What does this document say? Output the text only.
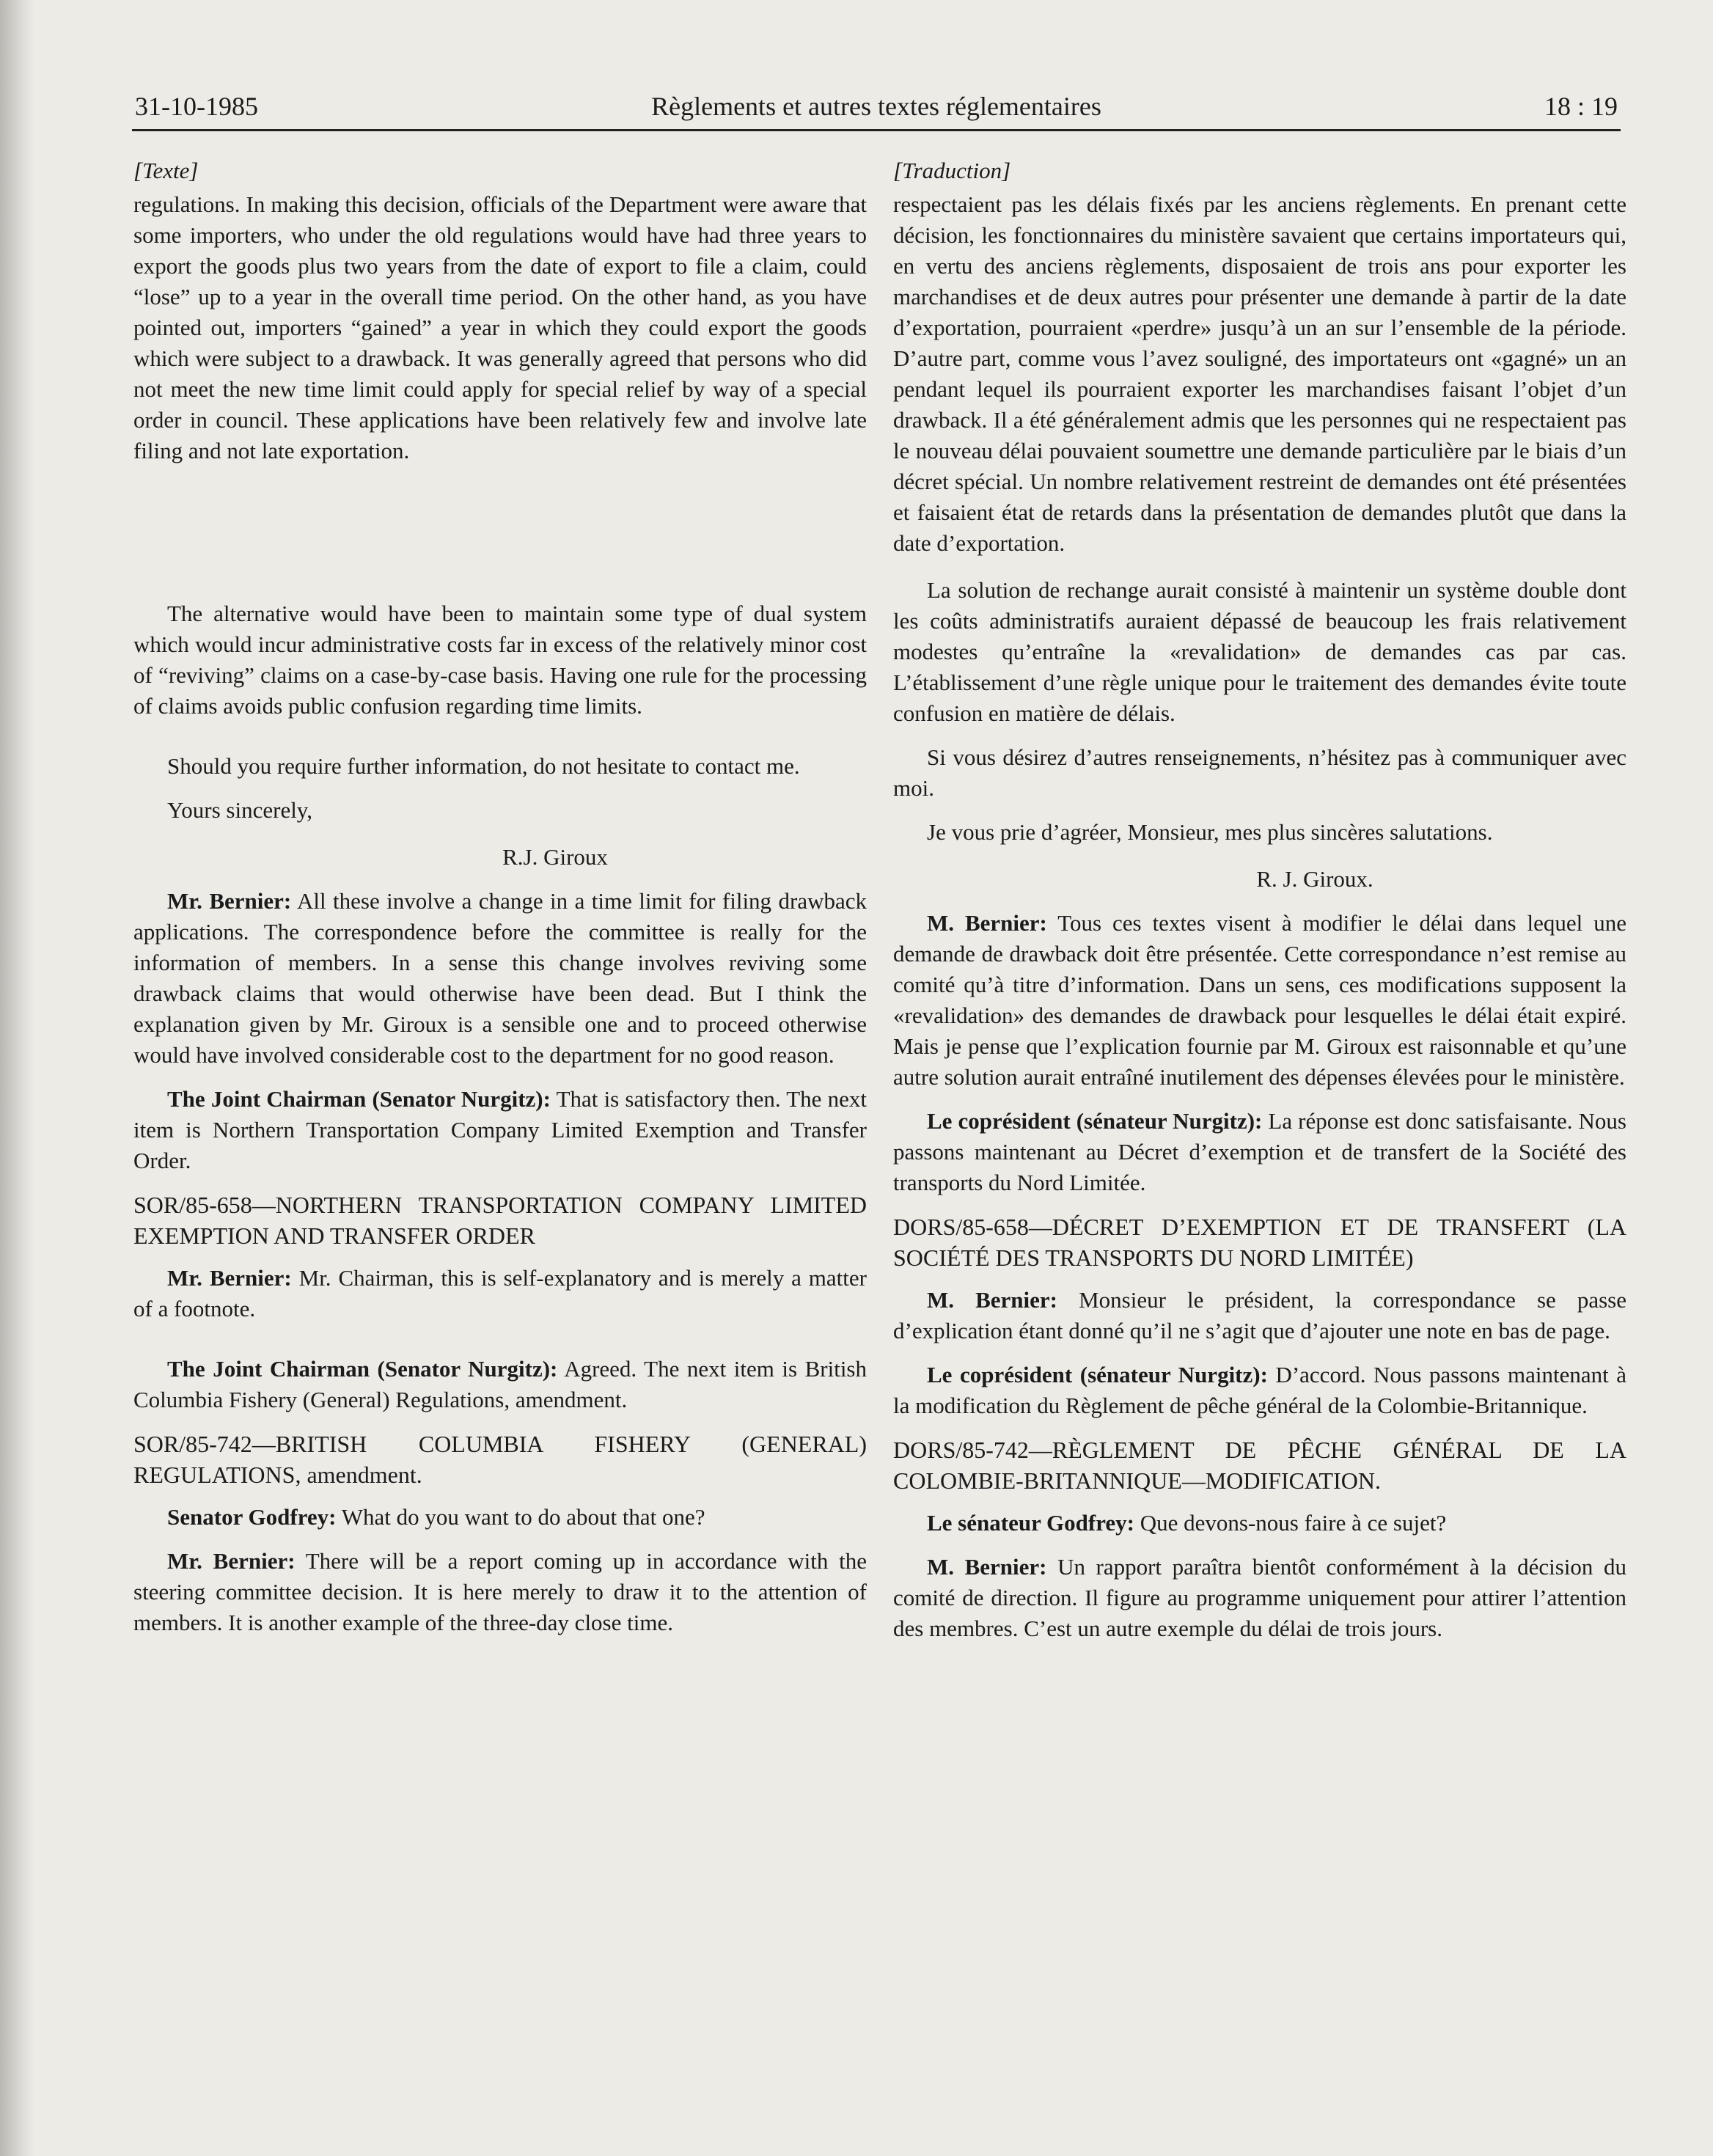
31-10-1985	Règlements et autres textes réglementaires	18 : 19

[Texte]

regulations. In making this decision, officials of the Department were aware that some importers, who under the old regulations would have had three years to export the goods plus two years from the date of export to file a claim, could “lose” up to a year in the overall time period. On the other hand, as you have pointed out, importers “gained” a year in which they could export the goods which were subject to a drawback. It was generally agreed that persons who did not meet the new time limit could apply for special relief by way of a special order in council. These applications have been relatively few and involve late filing and not late exportation.

The alternative would have been to maintain some type of dual system which would incur administrative costs far in excess of the relatively minor cost of “reviving” claims on a case-by-case basis. Having one rule for the processing of claims avoids public confusion regarding time limits.

Should you require further information, do not hesitate to contact me.

Yours sincerely,

R.J. Giroux

Mr. Bernier: All these involve a change in a time limit for filing drawback applications. The correspondence before the committee is really for the information of members. In a sense this change involves reviving some drawback claims that would otherwise have been dead. But I think the explanation given by Mr. Giroux is a sensible one and to proceed otherwise would have involved considerable cost to the department for no good reason.

The Joint Chairman (Senator Nurgitz): That is satisfactory then. The next item is Northern Transportation Company Limited Exemption and Transfer Order.

SOR/85-658—NORTHERN TRANSPORTATION COMPANY LIMITED EXEMPTION AND TRANSFER ORDER

Mr. Bernier: Mr. Chairman, this is self-explanatory and is merely a matter of a footnote.

The Joint Chairman (Senator Nurgitz): Agreed. The next item is British Columbia Fishery (General) Regulations, amendment.

SOR/85-742—BRITISH COLUMBIA FISHERY (GENERAL) REGULATIONS, amendment.

Senator Godfrey: What do you want to do about that one?

Mr. Bernier: There will be a report coming up in accordance with the steering committee decision. It is here merely to draw it to the attention of members. It is another example of the three-day close time.

[Traduction]

respectaient pas les délais fixés par les anciens règlements. En prenant cette décision, les fonctionnaires du ministère savaient que certains importateurs qui, en vertu des anciens règlements, disposaient de trois ans pour exporter les marchandises et de deux autres pour présenter une demande à partir de la date d’exportation, pourraient «perdre» jusqu’à un an sur l’ensemble de la période. D’autre part, comme vous l’avez souligné, des importateurs ont «gagné» un an pendant lequel ils pourraient exporter les marchandises faisant l’objet d’un drawback. Il a été généralement admis que les personnes qui ne respectaient pas le nouveau délai pouvaient soumettre une demande particulière par le biais d’un décret spécial. Un nombre relativement restreint de demandes ont été présentées et faisaient état de retards dans la présentation de demandes plutôt que dans la date d’exportation.

La solution de rechange aurait consisté à maintenir un système double dont les coûts administratifs auraient dépassé de beaucoup les frais relativement modestes qu’entraîne la «revalidation» de demandes cas par cas. L’établissement d’une règle unique pour le traitement des demandes évite toute confusion en matière de délais.

Si vous désirez d’autres renseignements, n’hésitez pas à communiquer avec moi.

Je vous prie d’agréer, Monsieur, mes plus sincères salutations.

R. J. Giroux.

M. Bernier: Tous ces textes visent à modifier le délai dans lequel une demande de drawback doit être présentée. Cette correspondance n’est remise au comité qu’à titre d’information. Dans un sens, ces modifications supposent la «revalidation» des demandes de drawback pour lesquelles le délai était expiré. Mais je pense que l’explication fournie par M. Giroux est raisonnable et qu’une autre solution aurait entraîné inutilement des dépenses élevées pour le ministère.

Le coprésident (sénateur Nurgitz): La réponse est donc satisfaisante. Nous passons maintenant au Décret d’exemption et de transfert de la Société des transports du Nord Limitée.

DORS/85-658—DÉCRET D’EXEMPTION ET DE TRANSFERT (LA SOCIÉTÉ DES TRANSPORTS DU NORD LIMITÉE)

M. Bernier: Monsieur le président, la correspondance se passe d’explication étant donné qu’il ne s’agit que d’ajouter une note en bas de page.

Le coprésident (sénateur Nurgitz): D’accord. Nous passons maintenant à la modification du Règlement de pêche général de la Colombie-Britannique.

DORS/85-742—RÈGLEMENT DE PÊCHE GÉNÉRAL DE LA COLOMBIE-BRITANNIQUE—MODIFICATION.

Le sénateur Godfrey: Que devons-nous faire à ce sujet?

M. Bernier: Un rapport paraîtra bientôt conformément à la décision du comité de direction. Il figure au programme uniquement pour attirer l’attention des membres. C’est un autre exemple du délai de trois jours.
